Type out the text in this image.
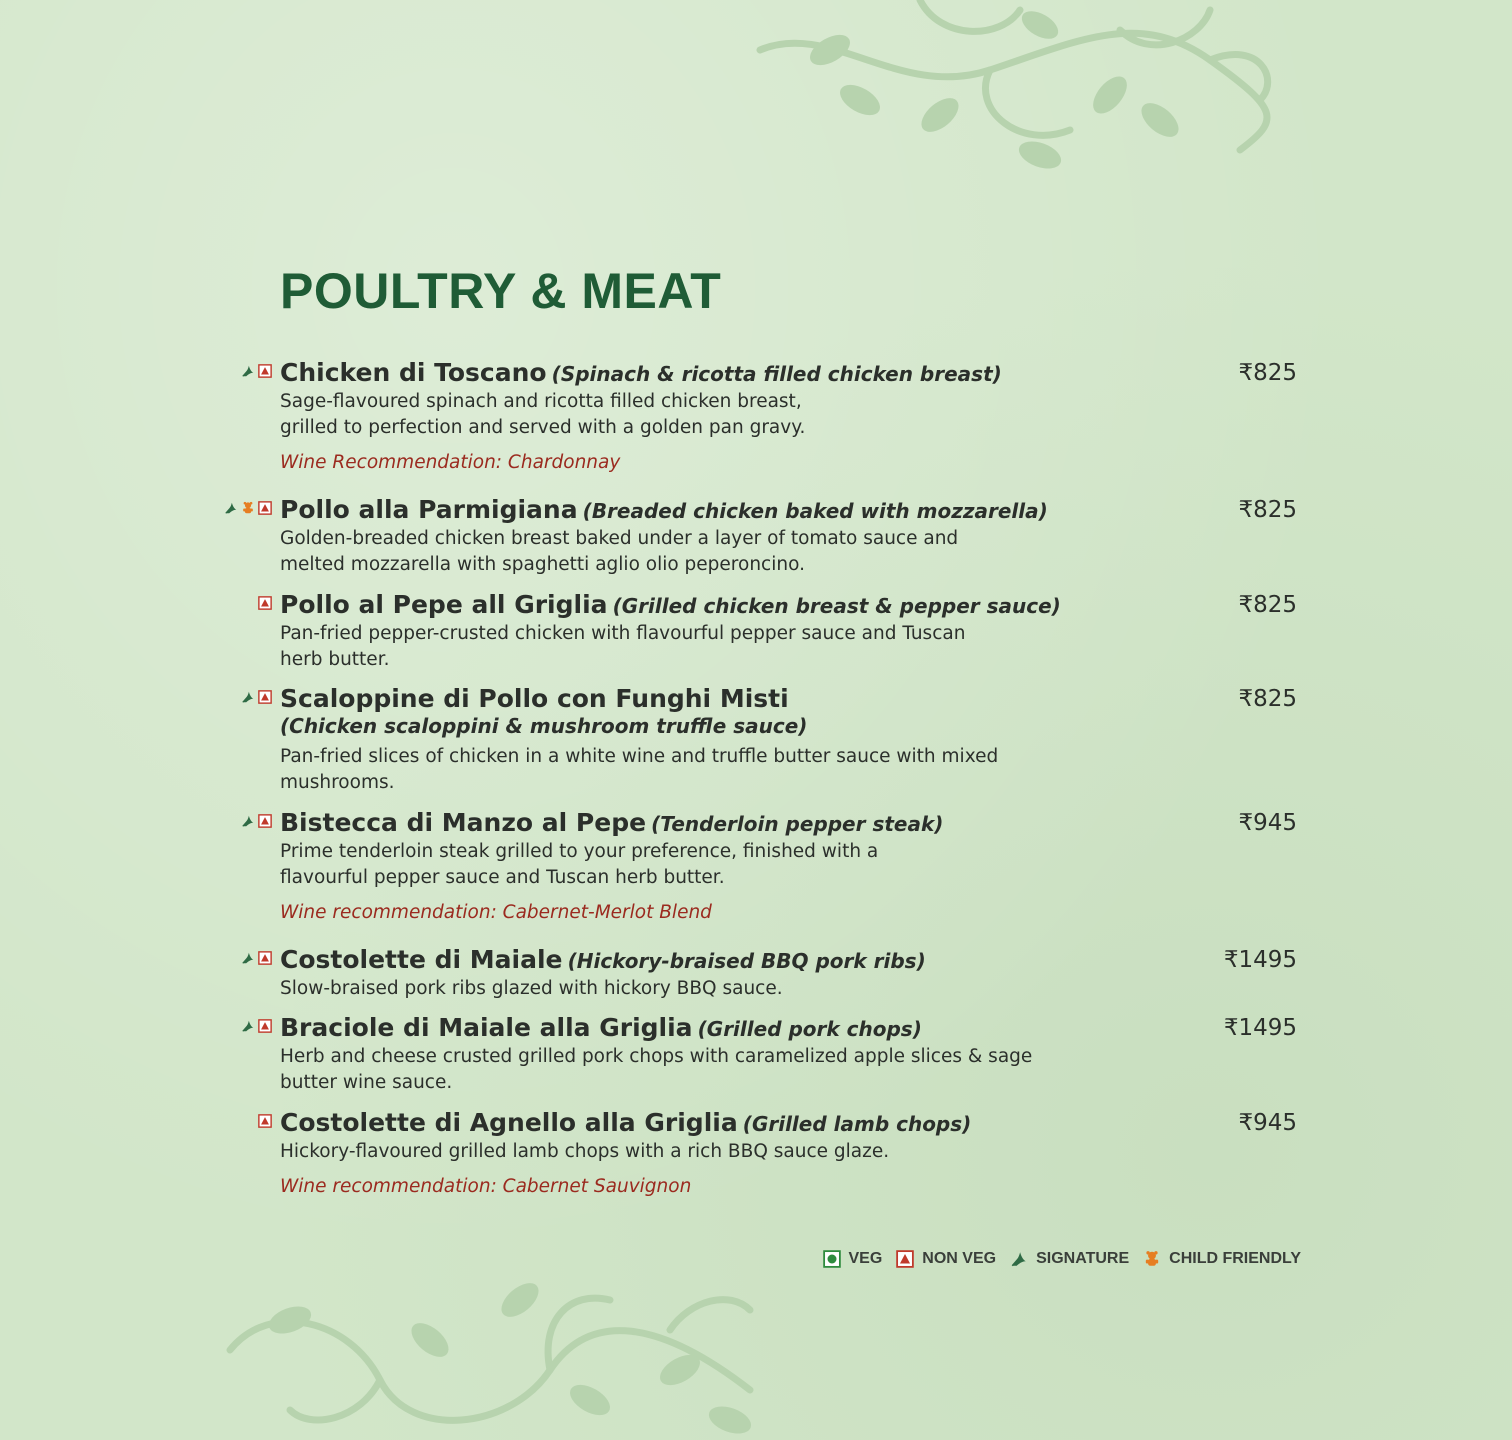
POULTRY & MEAT
Chicken di Toscano (Spinach & ricotta filled chicken breast)	₹825
Sage-flavoured spinach and ricotta filled chicken breast, grilled to perfection and served with a golden pan gravy.
Wine Recommendation: Chardonnay
Pollo alla Parmigiana (Breaded chicken baked with mozzarella)	₹825
Golden-breaded chicken breast baked under a layer of tomato sauce and melted mozzarella with spaghetti aglio olio peperoncino.
Pollo al Pepe all Griglia (Grilled chicken breast & pepper sauce)	₹825
Pan-fried pepper-crusted chicken with flavourful pepper sauce and Tuscan herb butter.
Scaloppine di Pollo con Funghi Misti
(Chicken scaloppini & mushroom truffle sauce)
₹825
Pan-fried slices of chicken in a white wine and truffle butter sauce with mixed mushrooms.
Bistecca di Manzo al Pepe (Tenderloin pepper steak)	₹945
Prime tenderloin steak grilled to your preference, finished with a flavourful pepper sauce and Tuscan herb butter.
Wine recommendation: Cabernet-Merlot Blend
Costolette di Maiale (Hickory-braised BBQ pork ribs)	₹1495
Slow-braised pork ribs glazed with hickory BBQ sauce.
Braciole di Maiale alla Griglia (Grilled pork chops)	₹1495
Herb and cheese crusted grilled pork chops with caramelized apple slices & sage butter wine sauce.
Costolette di Agnello alla Griglia (Grilled lamb chops)	₹945
Hickory-flavoured grilled lamb chops with a rich BBQ sauce glaze.
Wine recommendation: Cabernet Sauvignon
VEG	NON VEG	SIGNATURE	CHILD FRIENDLY
